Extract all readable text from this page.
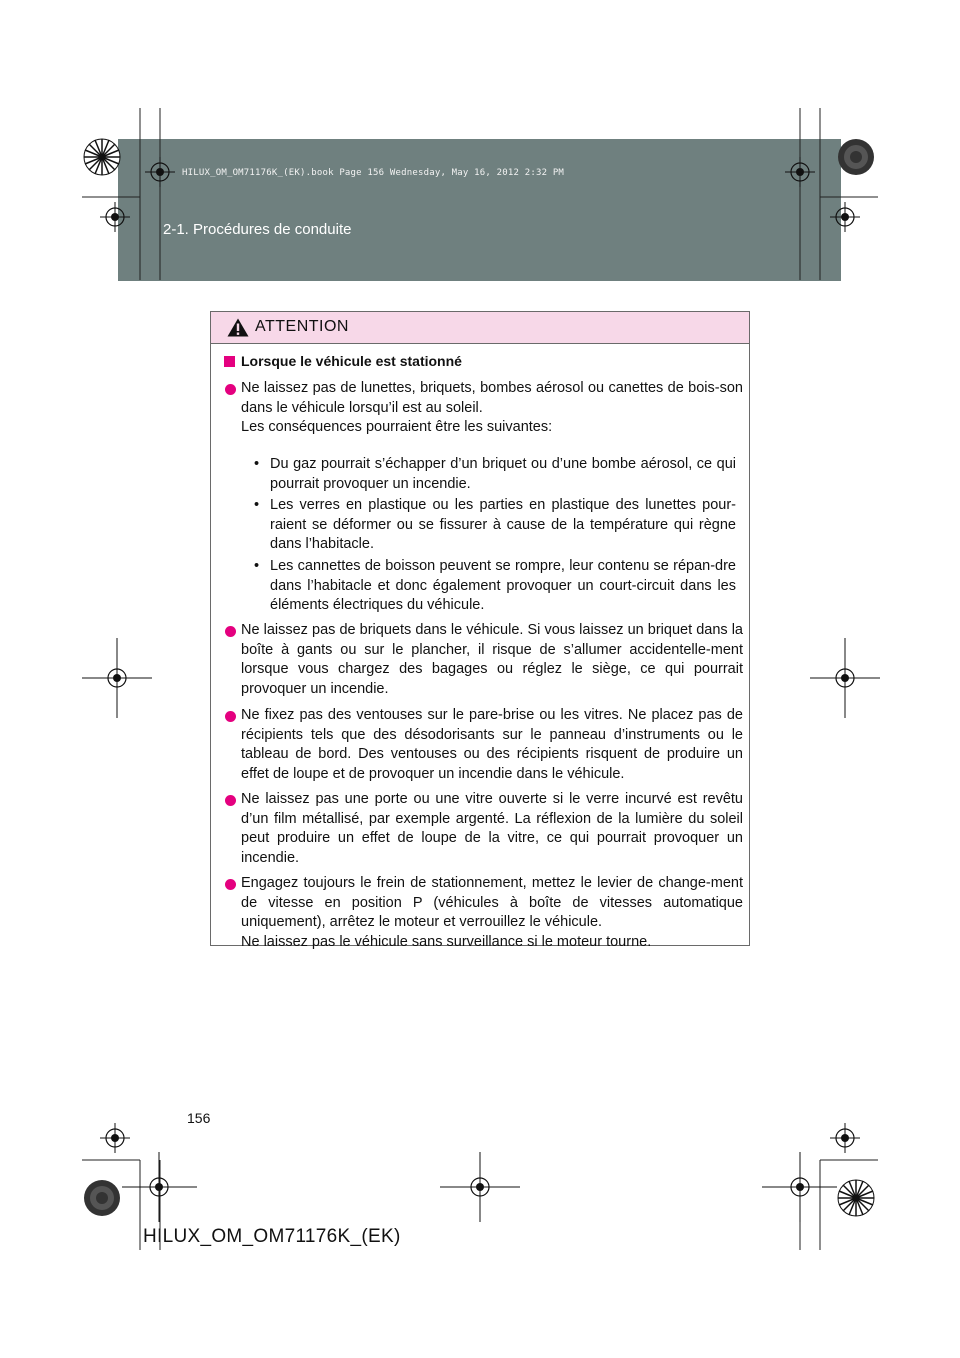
2-1. Procédures de conduite
HILUX_OM_OM71176K_(EK).book Page 156 Wednesday, May 16, 2012 2:32 PM
ATTENTION
Lorsque le véhicule est stationné
Ne laissez pas de lunettes, briquets, bombes aérosol ou canettes de bois-son dans le véhicule lorsqu’il est au soleil.
Les conséquences pourraient être les suivantes:
• Du gaz pourrait s’échapper d’un briquet ou d’une bombe aérosol, ce qui pourrait provoquer un incendie.
• Les verres en plastique ou les parties en plastique des lunettes pour-raient se déformer ou se fissurer à cause de la température qui règne dans l’habitacle.
• Les cannettes de boisson peuvent se rompre, leur contenu se répan-dre dans l’habitacle et donc également provoquer un court-circuit dans les éléments électriques du véhicule.
Ne laissez pas de briquets dans le véhicule. Si vous laissez un briquet dans la boîte à gants ou sur le plancher, il risque de s’allumer accidentelle-ment lorsque vous chargez des bagages ou réglez le siège, ce qui pourrait provoquer un incendie.
Ne fixez pas des ventouses sur le pare-brise ou les vitres. Ne placez pas de récipients tels que des désodorisants sur le panneau d’instruments ou le tableau de bord. Des ventouses ou des récipients risquent de produire un effet de loupe et de provoquer un incendie dans le véhicule.
Ne laissez pas une porte ou une vitre ouverte si le verre incurvé est revêtu d’un film métallisé, par exemple argenté. La réflexion de la lumière du soleil peut produire un effet de loupe de la vitre, ce qui pourrait provoquer un incendie.
Engagez toujours le frein de stationnement, mettez le levier de change-ment de vitesse en position P (véhicules à boîte de vitesses automatique uniquement), arrêtez le moteur et verrouillez le véhicule.
Ne laissez pas le véhicule sans surveillance si le moteur tourne.
156
HILUX_OM_OM71176K_(EK)
